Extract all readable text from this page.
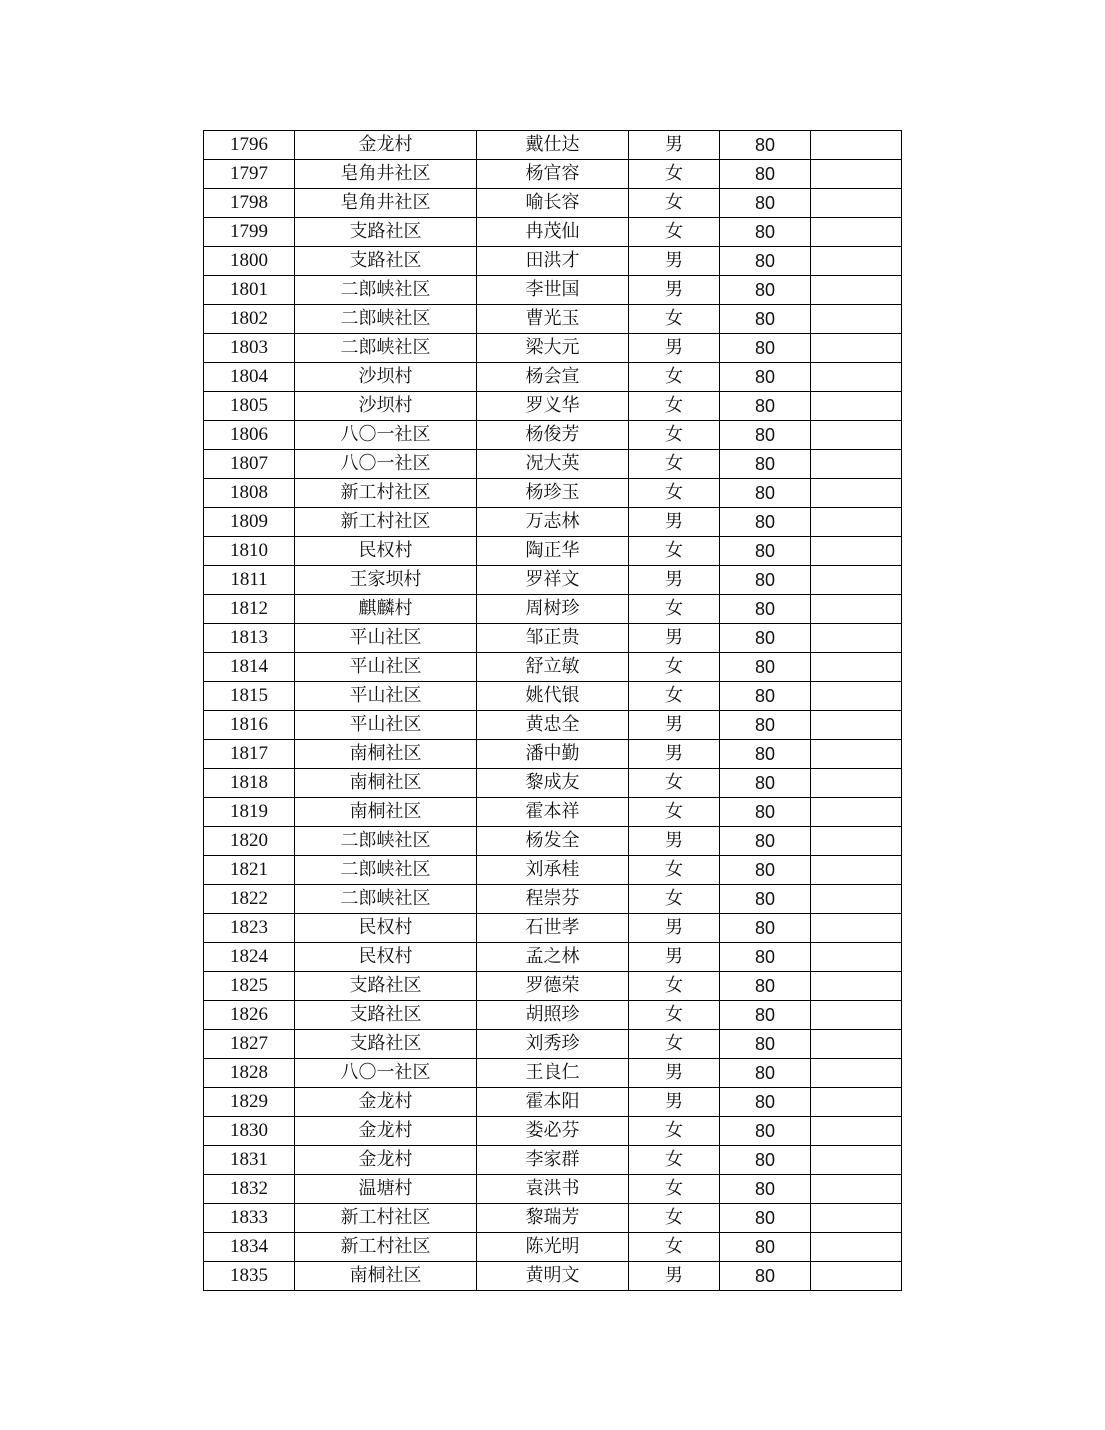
1796	金龙村	戴仕达	男	80	
1797	皂角井社区	杨官容	女	80	
1798	皂角井社区	喻长容	女	80	
1799	支路社区	冉茂仙	女	80	
1800	支路社区	田洪才	男	80	
1801	二郎峡社区	李世国	男	80	
1802	二郎峡社区	曹光玉	女	80	
1803	二郎峡社区	梁大元	男	80	
1804	沙坝村	杨会宣	女	80	
1805	沙坝村	罗义华	女	80	
1806	八〇一社区	杨俊芳	女	80	
1807	八〇一社区	况大英	女	80	
1808	新工村社区	杨珍玉	女	80	
1809	新工村社区	万志林	男	80	
1810	民权村	陶正华	女	80	
1811	王家坝村	罗祥文	男	80	
1812	麒麟村	周树珍	女	80	
1813	平山社区	邹正贵	男	80	
1814	平山社区	舒立敏	女	80	
1815	平山社区	姚代银	女	80	
1816	平山社区	黄忠全	男	80	
1817	南桐社区	潘中勤	男	80	
1818	南桐社区	黎成友	女	80	
1819	南桐社区	霍本祥	女	80	
1820	二郎峡社区	杨发全	男	80	
1821	二郎峡社区	刘承桂	女	80	
1822	二郎峡社区	程崇芬	女	80	
1823	民权村	石世孝	男	80	
1824	民权村	孟之林	男	80	
1825	支路社区	罗德荣	女	80	
1826	支路社区	胡照珍	女	80	
1827	支路社区	刘秀珍	女	80	
1828	八〇一社区	王良仁	男	80	
1829	金龙村	霍本阳	男	80	
1830	金龙村	娄必芬	女	80	
1831	金龙村	李家群	女	80	
1832	温塘村	袁洪书	女	80	
1833	新工村社区	黎瑞芳	女	80	
1834	新工村社区	陈光明	女	80	
1835	南桐社区	黄明文	男	80	
